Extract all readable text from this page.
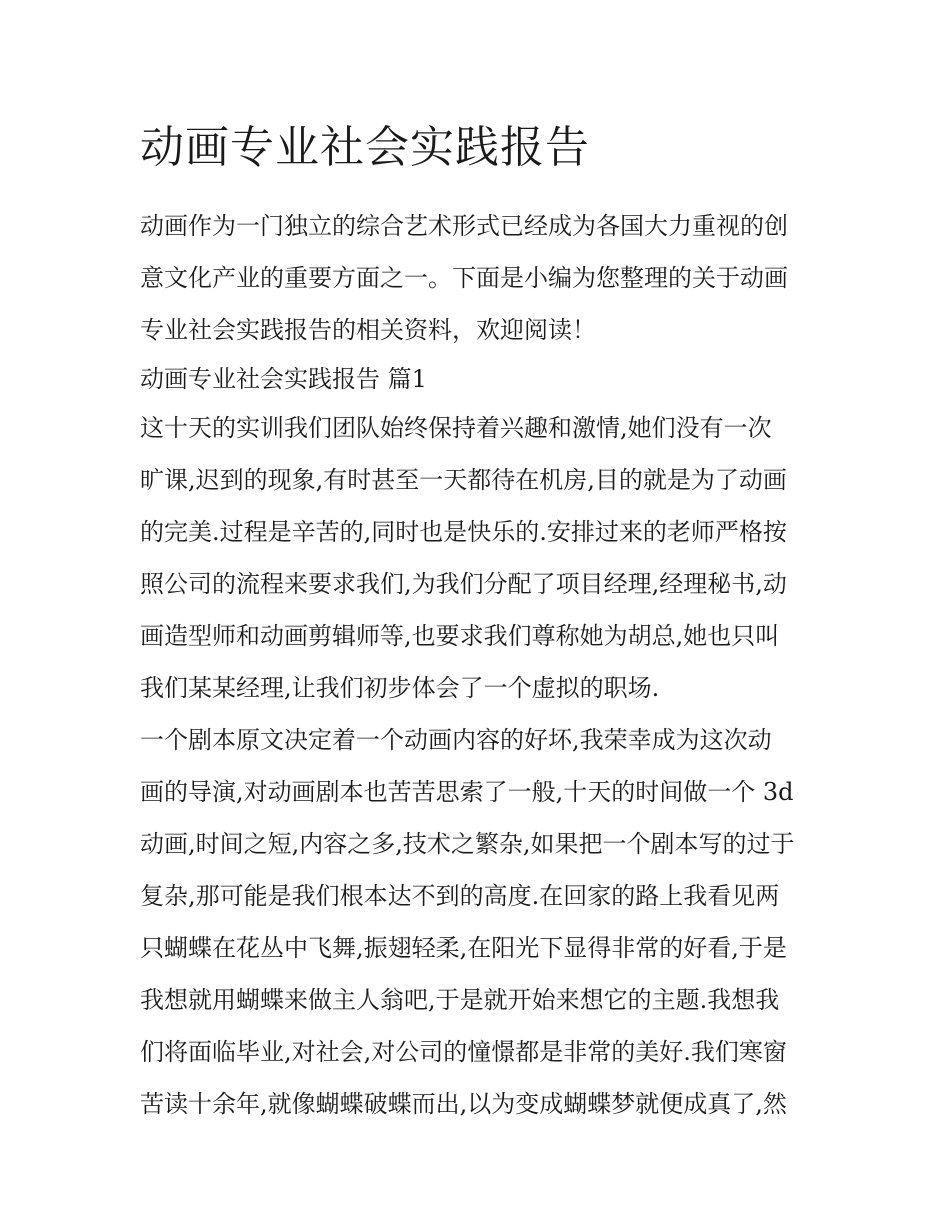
动画专业社会实践报告
动画作为一门独立的综合艺术形式已经成为各国大力重视的创
意文化产业的重要方面之一。下面是小编为您整理的关于动画
专业社会实践报告的相关资料，欢迎阅读！
动画专业社会实践报告 篇1
这十天的实训我们团队始终保持着兴趣和激情,她们没有一次
旷课,迟到的现象,有时甚至一天都待在机房,目的就是为了动画
的完美.过程是辛苦的,同时也是快乐的.安排过来的老师严格按
照公司的流程来要求我们,为我们分配了项目经理,经理秘书,动
画造型师和动画剪辑师等,也要求我们尊称她为胡总,她也只叫
我们某某经理,让我们初步体会了一个虚拟的职场.
一个剧本原文决定着一个动画内容的好坏,我荣幸成为这次动
画的导演,对动画剧本也苦苦思索了一般,十天的时间做一个 3d
动画,时间之短,内容之多,技术之繁杂,如果把一个剧本写的过于
复杂,那可能是我们根本达不到的高度.在回家的路上我看见两
只蝴蝶在花丛中飞舞,振翅轻柔,在阳光下显得非常的好看,于是
我想就用蝴蝶来做主人翁吧,于是就开始来想它的主题.我想我
们将面临毕业,对社会,对公司的憧憬都是非常的美好.我们寒窗
苦读十余年,就像蝴蝶破蝶而出,以为变成蝴蝶梦就便成真了,然
